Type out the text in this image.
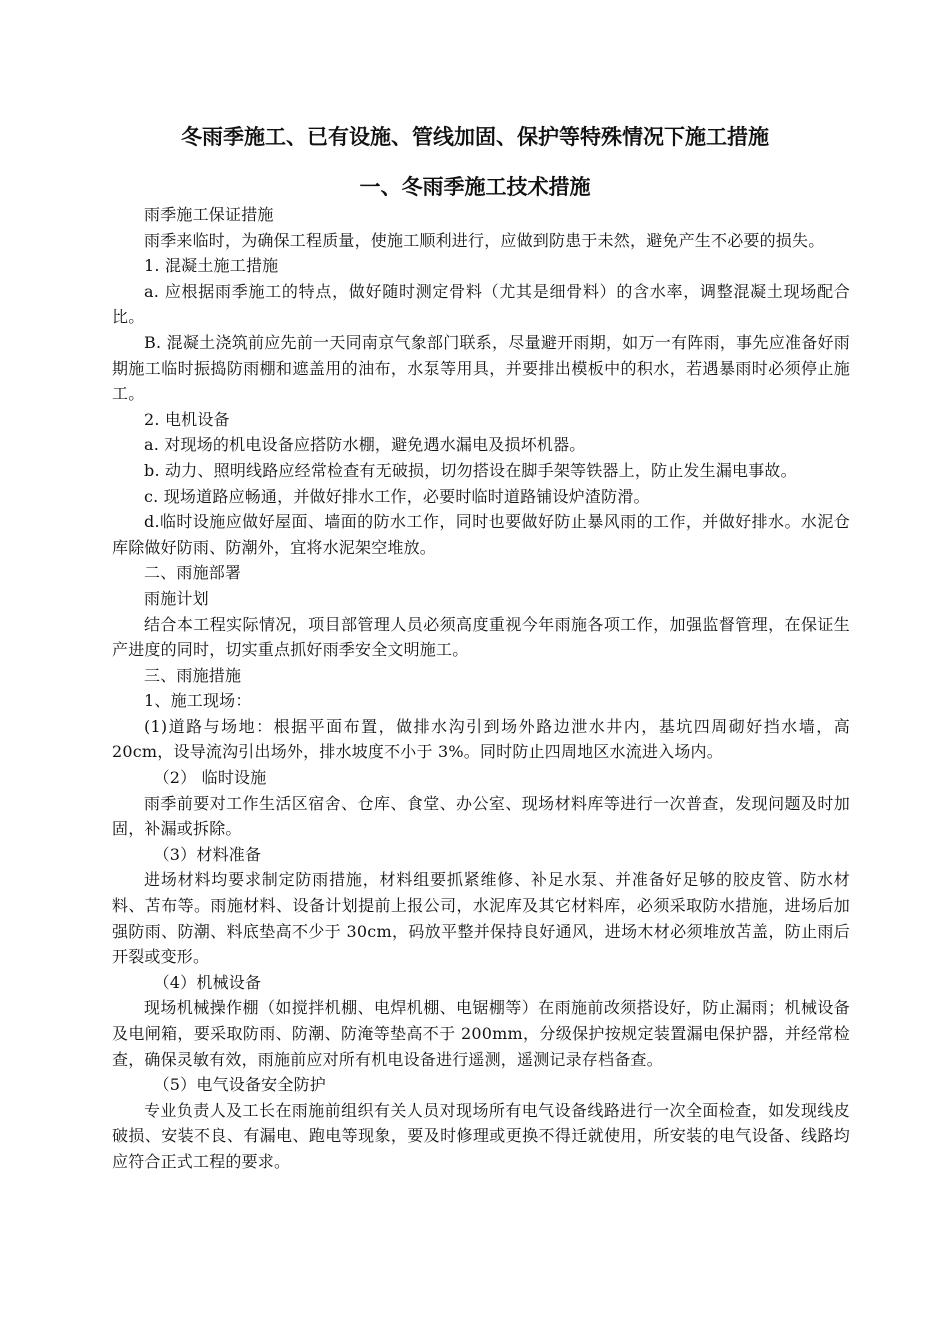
冬雨季施工、已有设施、管线加固、保护等特殊情况下施工措施
一、冬雨季施工技术措施

雨季施工保证措施

雨季来临时，为确保工程质量，使施工顺利进行，应做到防患于未然，避免产生不必要的损失。

1. 混凝土施工措施

a. 应根据雨季施工的特点，做好随时测定骨料（尤其是细骨料）的含水率，调整混凝土现场配合比。

B. 混凝土浇筑前应先前一天同南京气象部门联系，尽量避开雨期，如万一有阵雨，事先应准备好雨期施工临时振捣防雨棚和遮盖用的油布，水泵等用具，并要排出模板中的积水，若遇暴雨时必须停止施工。

2. 电机设备

a. 对现场的机电设备应搭防水棚，避免遇水漏电及损坏机器。

b. 动力、照明线路应经常检查有无破损，切勿搭设在脚手架等铁器上，防止发生漏电事故。

c. 现场道路应畅通，并做好排水工作，必要时临时道路铺设炉渣防滑。

d.临时设施应做好屋面、墙面的防水工作，同时也要做好防止暴风雨的工作，并做好排水。水泥仓库除做好防雨、防潮外，宜将水泥架空堆放。

二、雨施部署

雨施计划

结合本工程实际情况，项目部管理人员必须高度重视今年雨施各项工作，加强监督管理，在保证生产进度的同时，切实重点抓好雨季安全文明施工。

三、雨施措施

1、施工现场：

(1)道路与场地：根据平面布置，做排水沟引到场外路边泄水井内，基坑四周砌好挡水墙，高 20cm，设导流沟引出场外，排水坡度不小于 3%。同时防止四周地区水流进入场内。

（2） 临时设施

雨季前要对工作生活区宿舍、仓库、食堂、办公室、现场材料库等进行一次普查，发现问题及时加固，补漏或拆除。

（3）材料准备

进场材料均要求制定防雨措施，材料组要抓紧维修、补足水泵、并准备好足够的胶皮管、防水材料、苫布等。雨施材料、设备计划提前上报公司，水泥库及其它材料库，必须采取防水措施，进场后加强防雨、防潮、料底垫高不少于 30cm，码放平整并保持良好通风，进场木材必须堆放苫盖，防止雨后开裂或变形。

（4）机械设备

现场机械操作棚（如搅拌机棚、电焊机棚、电锯棚等）在雨施前改须搭设好，防止漏雨；机械设备及电闸箱，要采取防雨、防潮、防淹等垫高不于 200mm，分级保护按规定装置漏电保护器，并经常检查，确保灵敏有效，雨施前应对所有机电设备进行遥测，遥测记录存档备查。

（5）电气设备安全防护

专业负责人及工长在雨施前组织有关人员对现场所有电气设备线路进行一次全面检查，如发现线皮破损、安装不良、有漏电、跑电等现象，要及时修理或更换不得迁就使用，所安装的电气设备、线路均应符合正式工程的要求。
